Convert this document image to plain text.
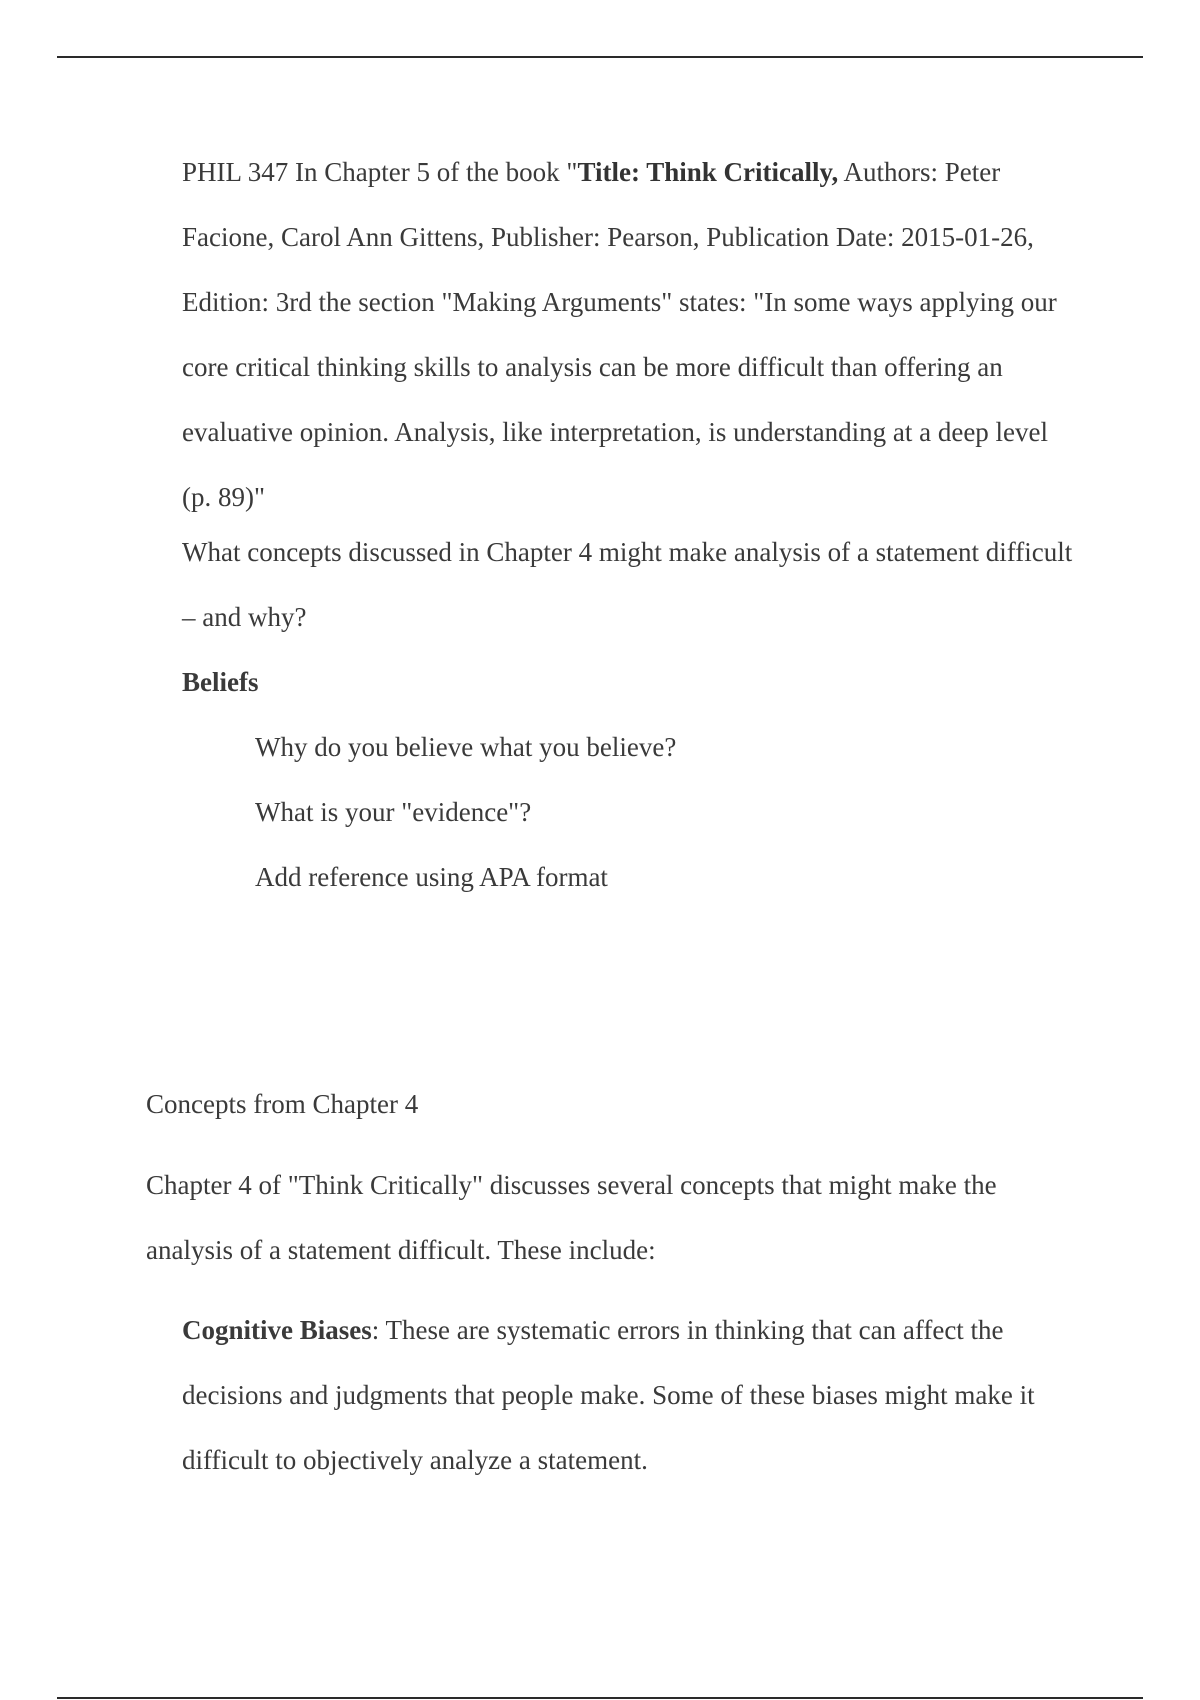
PHIL 347 In Chapter 5 of the book "Title: Think Critically, Authors: Peter Facione, Carol Ann Gittens, Publisher: Pearson, Publication Date: 2015-01-26, Edition: 3rd the section "Making Arguments" states: "In some ways applying our core critical thinking skills to analysis can be more difficult than offering an evaluative opinion. Analysis, like interpretation, is understanding at a deep level (p. 89)"

What concepts discussed in Chapter 4 might make analysis of a statement difficult – and why?

Beliefs

Why do you believe what you believe?
What is your "evidence"?
Add reference using APA format
Concepts from Chapter 4

Chapter 4 of "Think Critically" discusses several concepts that might make the analysis of a statement difficult. These include:

Cognitive Biases: These are systematic errors in thinking that can affect the decisions and judgments that people make. Some of these biases might make it difficult to objectively analyze a statement.
